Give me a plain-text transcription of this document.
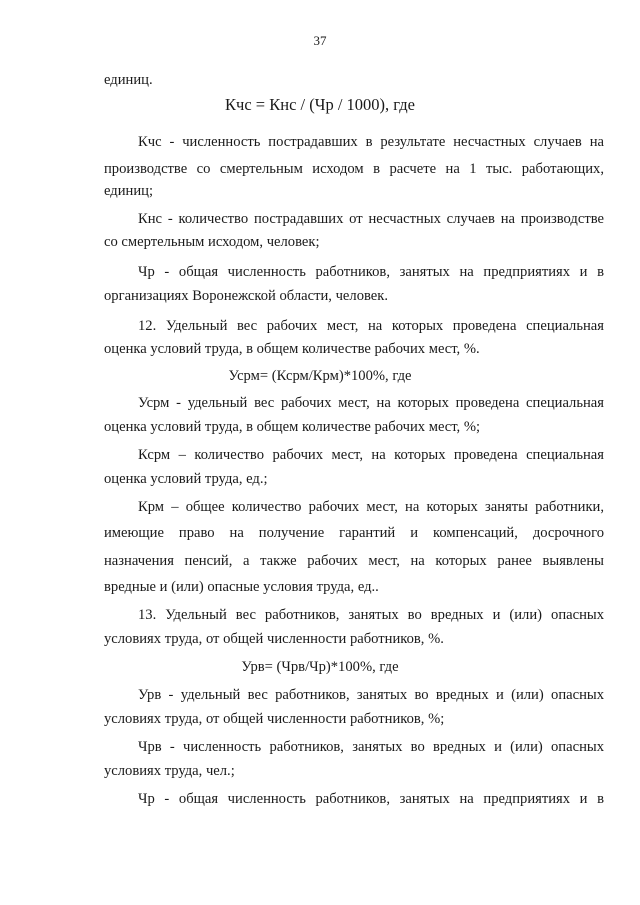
37
единиц.
Кчс = Кнс / (Чр / 1000), где
Кчс - численность пострадавших в результате несчастных случаев на
производстве со смертельным исходом в расчете на 1 тыс. работающих,
единиц;
Кнс - количество пострадавших от несчастных случаев на производстве
со смертельным исходом, человек;
Чр - общая численность работников, занятых на предприятиях и в
организациях Воронежской области, человек.
12. Удельный вес рабочих мест, на которых проведена специальная
оценка условий труда, в общем количестве рабочих мест, %.
Усрм= (Ксрм/Крм)*100%, где
Усрм - удельный вес рабочих мест, на которых проведена специальная
оценка условий труда, в общем количестве рабочих мест, %;
Ксрм – количество рабочих мест, на которых проведена специальная
оценка условий труда, ед.;
Крм – общее количество рабочих мест, на которых заняты работники,
имеющие право на получение гарантий и компенсаций, досрочного
назначения пенсий, а также рабочих мест, на которых ранее выявлены
вредные и (или) опасные условия труда, ед..
13. Удельный вес работников, занятых во вредных и (или) опасных
условиях труда, от общей численности работников, %.
Урв= (Чрв/Чр)*100%, где
Урв - удельный вес работников, занятых во вредных и (или) опасных
условиях труда, от общей численности работников, %;
Чрв - численность работников, занятых во вредных и (или) опасных
условиях труда, чел.;
Чр - общая численность работников, занятых на предприятиях и в
